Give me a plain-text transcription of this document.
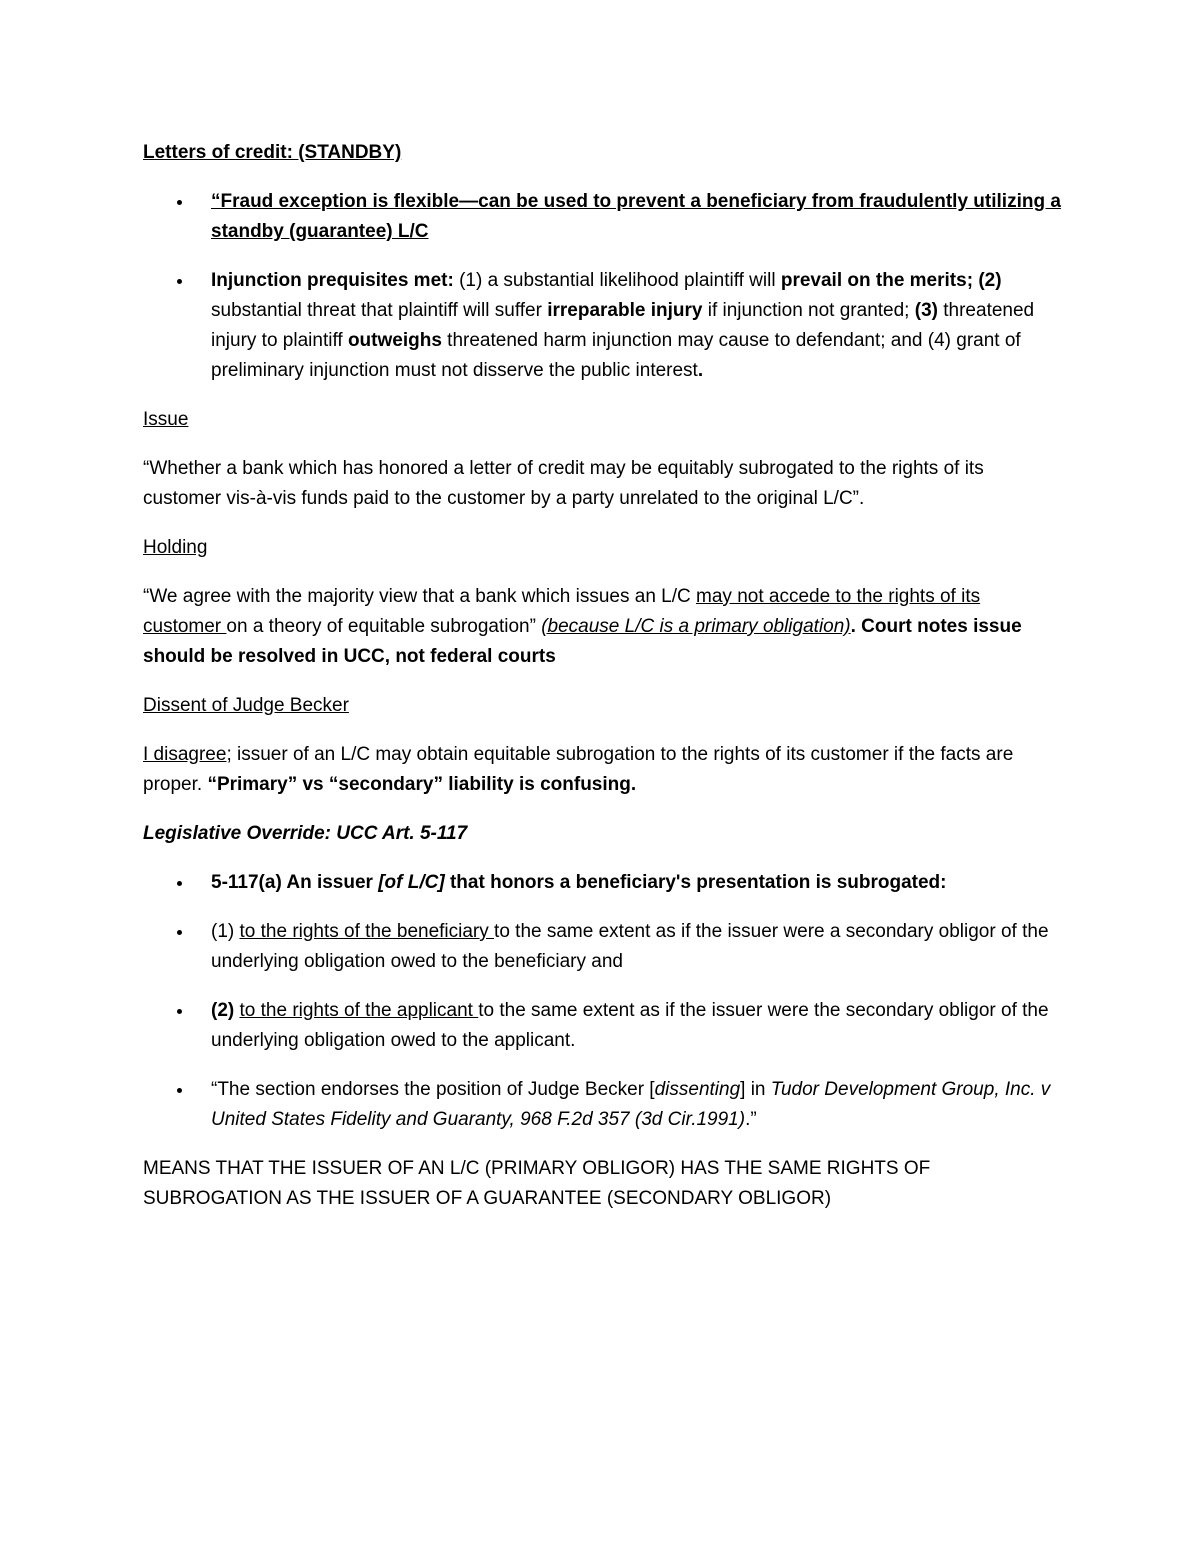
Letters of credit: (STANDBY)

“Fraud exception is flexible—can be used to prevent a beneficiary from fraudulently utilizing a standby (guarantee) L/C
Injunction prequisites met: (1) a substantial likelihood plaintiff will prevail on the merits; (2) substantial threat that plaintiff will suffer irreparable injury if injunction not granted; (3) threatened injury to plaintiff outweighs threatened harm injunction may cause to defendant; and (4) grant of preliminary injunction must not disserve the public interest.

Issue

“Whether a bank which has honored a letter of credit may be equitably subrogated to the rights of its customer vis-à-vis funds paid to the customer by a party unrelated to the original L/C”.

Holding

“We agree with the majority view that a bank which issues an L/C may not accede to the rights of its customer on a theory of equitable subrogation” (because L/C is a primary obligation). Court notes issue should be resolved in UCC, not federal courts

Dissent of Judge Becker

I disagree; issuer of an L/C may obtain equitable subrogation to the rights of its customer if the facts are proper. “Primary” vs “secondary” liability is confusing.

Legislative Override: UCC Art. 5-117

5-117(a) An issuer [of L/C] that honors a beneficiary's presentation is subrogated:
(1) to the rights of the beneficiary to the same extent as if the issuer were a secondary obligor of the underlying obligation owed to the beneficiary and
(2) to the rights of the applicant to the same extent as if the issuer were the secondary obligor of the underlying obligation owed to the applicant.
“The section endorses the position of Judge Becker [dissenting] in Tudor Development Group, Inc. v United States Fidelity and Guaranty, 968 F.2d 357 (3d Cir.1991).”

MEANS THAT THE ISSUER OF AN L/C (PRIMARY OBLIGOR) HAS THE SAME RIGHTS OF SUBROGATION AS THE ISSUER OF A GUARANTEE (SECONDARY OBLIGOR)
